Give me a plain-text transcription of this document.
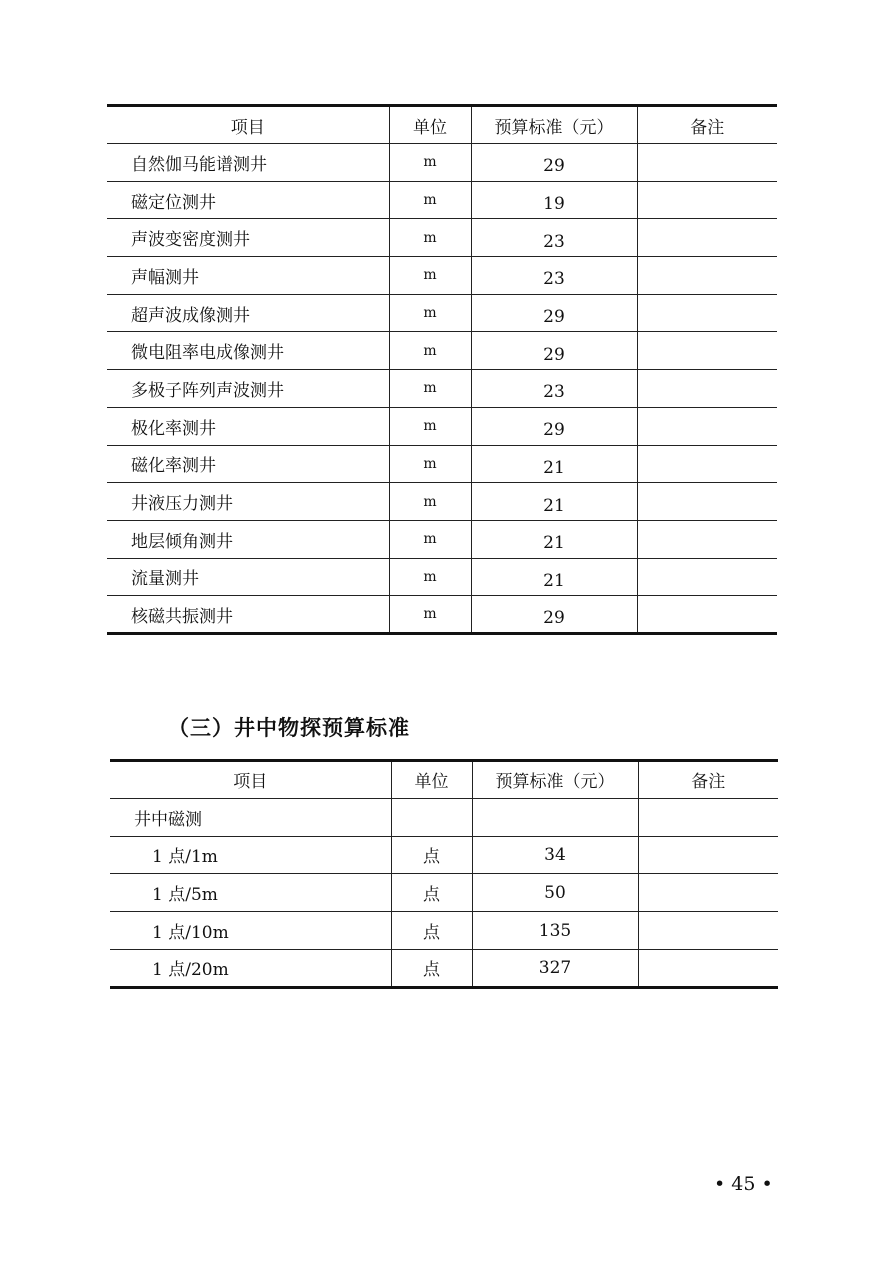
项目	单位	预算标准（元）	备注
自然伽马能谱测井	m	29	
磁定位测井	m	19	
声波变密度测井	m	23	
声幅测井	m	23	
超声波成像测井	m	29	
微电阻率电成像测井	m	29	
多极子阵列声波测井	m	23	
极化率测井	m	29	
磁化率测井	m	21	
井液压力测井	m	21	
地层倾角测井	m	21	
流量测井	m	21	
核磁共振测井	m	29	
（三）井中物探预算标准
项目	单位	预算标准（元）	备注
井中磁测			
1 点/1m	点	34	
1 点/5m	点	50	
1 点/10m	点	135	
1 点/20m	点	327	
• 45 •
